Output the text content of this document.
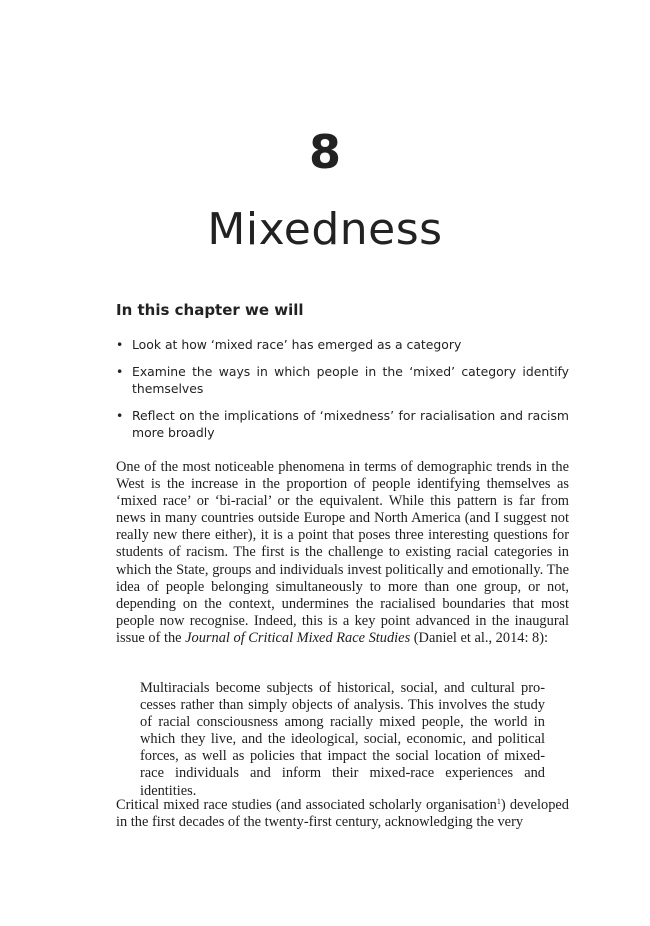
8
Mixedness
In this chapter we will
• Look at how ‘mixed race’ has emerged as a category
• Examine the ways in which people in the ‘mixed’ category identify themselves
• Reflect on the implications of ‘mixedness’ for racialisation and racism more broadly

One of the most noticeable phenomena in terms of demographic trends in the West is the increase in the proportion of people identifying themselves as ‘mixed race’ or ‘bi-racial’ or the equivalent. While this pattern is far from news in many countries outside Europe and North America (and I suggest not really new there either), it is a point that poses three interesting questions for students of racism. The first is the challenge to existing racial categories in which the State, groups and individuals invest politically and emotionally. The idea of people belonging simultaneously to more than one group, or not, depending on the context, undermines the racialised boundaries that most people now recognise. Indeed, this is a key point advanced in the inaugural issue of the Journal of Critical Mixed Race Studies (Daniel et al., 2014: 8):

Multiracials become subjects of historical, social, and cultural processes rather than simply objects of analysis. This involves the study of racial consciousness among racially mixed people, the world in which they live, and the ideological, social, economic, and political forces, as well as policies that impact the social location of mixed-race individuals and inform their mixed-race experiences and identities.

Critical mixed race studies (and associated scholarly organisation$^1$) developed in the first decades of the twenty-first century, acknowledging the very
